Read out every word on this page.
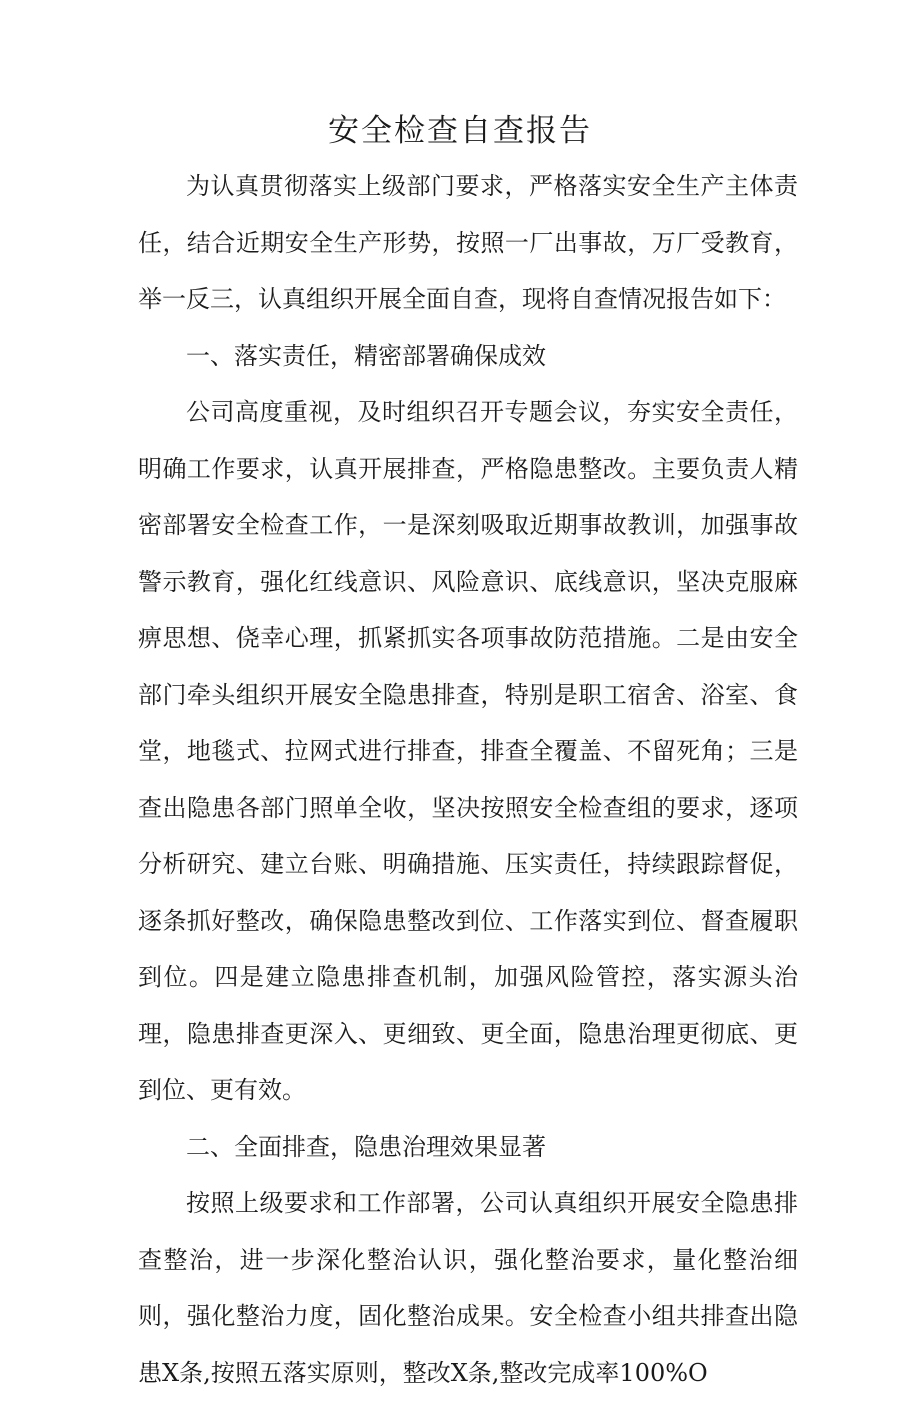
安全检查自查报告

为认真贯彻落实上级部门要求，严格落实安全生产主体责任，结合近期安全生产形势，按照一厂出事故，万厂受教育，举一反三，认真组织开展全面自查，现将自查情况报告如下：

一、落实责任，精密部署确保成效

公司高度重视，及时组织召开专题会议，夯实安全责任，明确工作要求，认真开展排查，严格隐患整改。主要负责人精密部署安全检查工作，一是深刻吸取近期事故教训，加强事故警示教育，强化红线意识、风险意识、底线意识，坚决克服麻痹思想、侥幸心理，抓紧抓实各项事故防范措施。二是由安全部门牵头组织开展安全隐患排查，特别是职工宿舍、浴室、食堂，地毯式、拉网式进行排查，排查全覆盖、不留死角；三是查出隐患各部门照单全收，坚决按照安全检查组的要求，逐项分析研究、建立台账、明确措施、压实责任，持续跟踪督促，逐条抓好整改，确保隐患整改到位、工作落实到位、督查履职到位。四是建立隐患排查机制，加强风险管控，落实源头治理，隐患排查更深入、更细致、更全面，隐患治理更彻底、更到位、更有效。

二、全面排查，隐患治理效果显著

按照上级要求和工作部署，公司认真组织开展安全隐患排查整治，进一步深化整治认识，强化整治要求，量化整治细则，强化整治力度，固化整治成果。安全检查小组共排查出隐患X条,按照五落实原则，整改X条,整改完成率100%O
